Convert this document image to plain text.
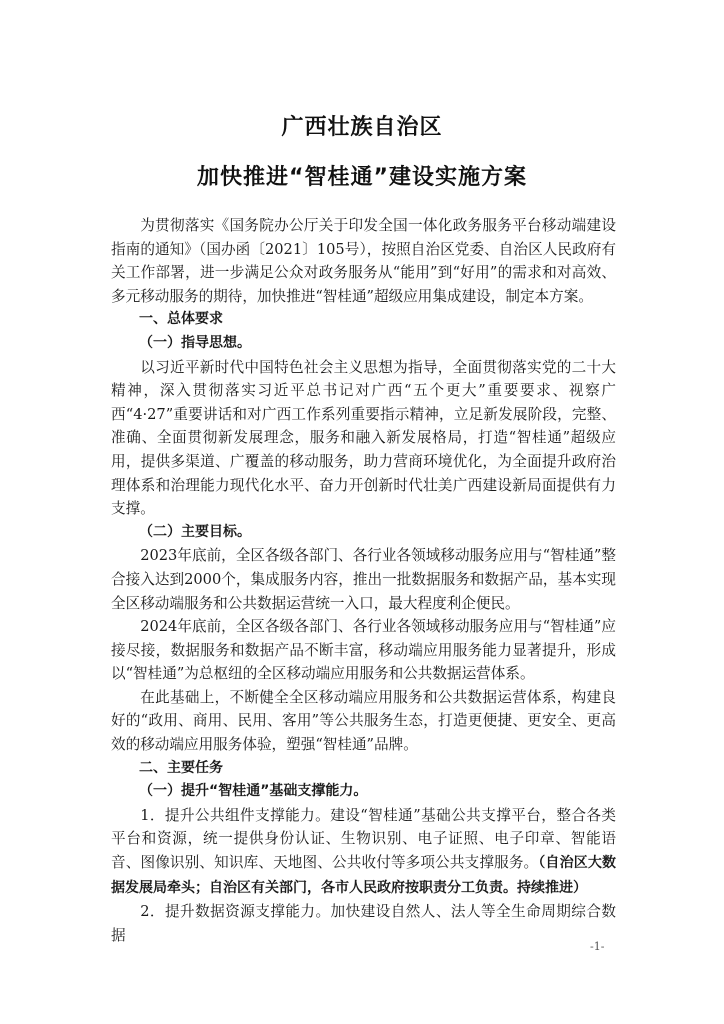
广西壮族自治区
加快推进“智桂通”建设实施方案

为贯彻落实《国务院办公厅关于印发全国一体化政务服务平台移动端建设指南的通知》（国办函〔2021〕105号），按照自治区党委、自治区人民政府有关工作部署，进一步满足公众对政务服务从“能用”到“好用”的需求和对高效、多元移动服务的期待，加快推进“智桂通”超级应用集成建设，制定本方案。

一、总体要求
（一）指导思想。

以习近平新时代中国特色社会主义思想为指导，全面贯彻落实党的二十大精神，深入贯彻落实习近平总书记对广西“五个更大”重要要求、视察广西“4·27”重要讲话和对广西工作系列重要指示精神，立足新发展阶段，完整、准确、全面贯彻新发展理念，服务和融入新发展格局，打造“智桂通”超级应用，提供多渠道、广覆盖的移动服务，助力营商环境优化，为全面提升政府治理体系和治理能力现代化水平、奋力开创新时代壮美广西建设新局面提供有力支撑。

（二）主要目标。

2023年底前，全区各级各部门、各行业各领域移动服务应用与“智桂通”整合接入达到2000个，集成服务内容，推出一批数据服务和数据产品，基本实现全区移动端服务和公共数据运营统一入口，最大程度利企便民。

2024年底前，全区各级各部门、各行业各领域移动服务应用与“智桂通”应接尽接，数据服务和数据产品不断丰富，移动端应用服务能力显著提升，形成以“智桂通”为总枢纽的全区移动端应用服务和公共数据运营体系。

在此基础上，不断健全全区移动端应用服务和公共数据运营体系，构建良好的“政用、商用、民用、客用”等公共服务生态，打造更便捷、更安全、更高效的移动端应用服务体验，塑强“智桂通”品牌。

二、主要任务
（一）提升“智桂通”基础支撑能力。

1．提升公共组件支撑能力。建设“智桂通”基础公共支撑平台，整合各类平台和资源，统一提供身份认证、生物识别、电子证照、电子印章、智能语音、图像识别、知识库、天地图、公共收付等多项公共支撑服务。（自治区大数据发展局牵头；自治区有关部门，各市人民政府按职责分工负责。持续推进）

2．提升数据资源支撑能力。加快建设自然人、法人等全生命周期综合数据

-1-
